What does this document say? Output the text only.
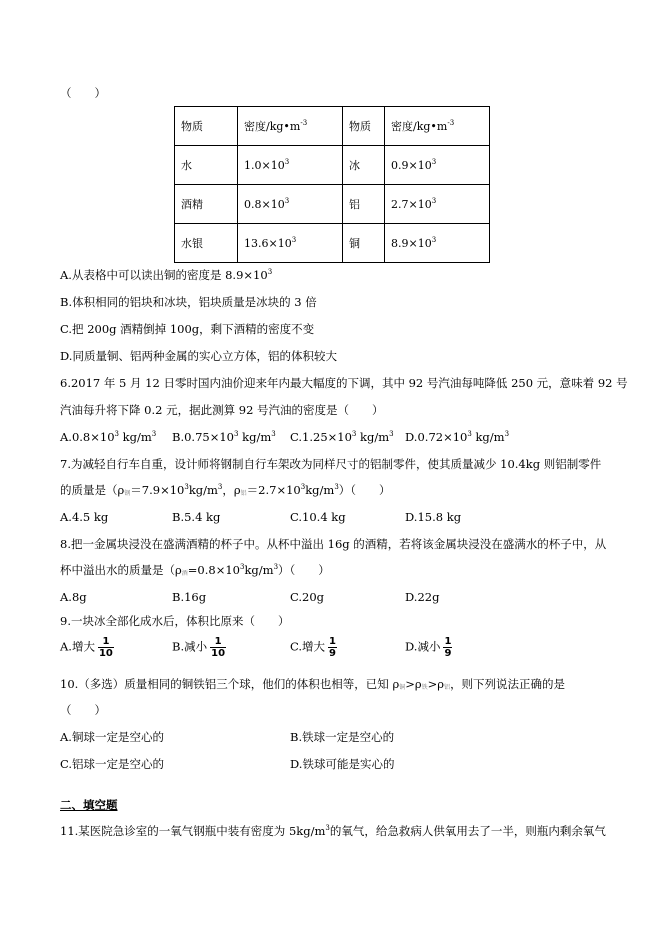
（　　）
物质	密度$/kg•m^{-3}$	物质	密度$/kg•m^{-3}$
水	$1.0\times 10^3$	冰	$0.9\times 10^3$
酒精	$0.8\times 10^3$	铝	$2.7\times 10^3$
水银	$13.6\times 10^3$	铜	$8.9\times 10^3$
A.从表格中可以读出铜的密度是 $8.9\times 10^3$
B.体积相同的铝块和冰块，铝块质量是冰块的 3 倍
C.把 200g 酒精倒掉 100g，剩下酒精的密度不变
D.同质量铜、铝两种金属的实心立方体，铝的体积较大
6.2017 年 5 月 12 日零时国内油价迎来年内最大幅度的下调，其中 92 号汽油每吨降低 250 元，意味着 92 号
汽油每升将下降 0.2 元，据此测算 92 号汽油的密度是（　　）
$A.0.8\times 10^3$ $kg/m^3$ $B.0.75\times 10^3$ $kg/m^3$ $C.1.25\times 10^3$ $kg/m^3$ $D.0.72\times 10^3$ $kg/m^3$
7.为减轻自行车自重，设计师将钢制自行车架改为同样尺寸的铝制零件，使其质量减少 10.4kg 则铝制零件
的质量是（ρ钢$=7.9\times 10^3kg/m^3$，ρ铝$=2.7\times 10^3kg/m^3$）（　　）
A.4.5 kg	B.5.4 kg	C.10.4 kg	D.15.8 kg
8.把一金属块浸没在盛满酒精的杯子中。从杯中溢出 16g 的酒精，若将该金属块浸没在盛满水的杯子中，从
杯中溢出水的质量是（ρ酒$=0.8\times 10^3kg/m^3$）（　　）
A.8g	B.16g	C.20g	D.22g
9.一块冰全部化成水后，体积比原来（　　）
A.增大 $\frac{1}{10}$	B.减小 $\frac{1}{10}$	C.增大 $\frac{1}{9}$	D.减小 $\frac{1}{9}$
10.（多选）质量相同的铜铁铝三个球，他们的体积也相等，已知 ρ铜>ρ铁>ρ铝，则下列说法正确的是
（　　）
A.铜球一定是空心的	B.铁球一定是空心的
C.铝球一定是空心的	D.铁球可能是实心的
二、填空题
11.某医院急诊室的一氧气钢瓶中装有密度为 $5kg/m^3$的氧气，给急救病人供氧用去了一半，则瓶内剩余氧气
